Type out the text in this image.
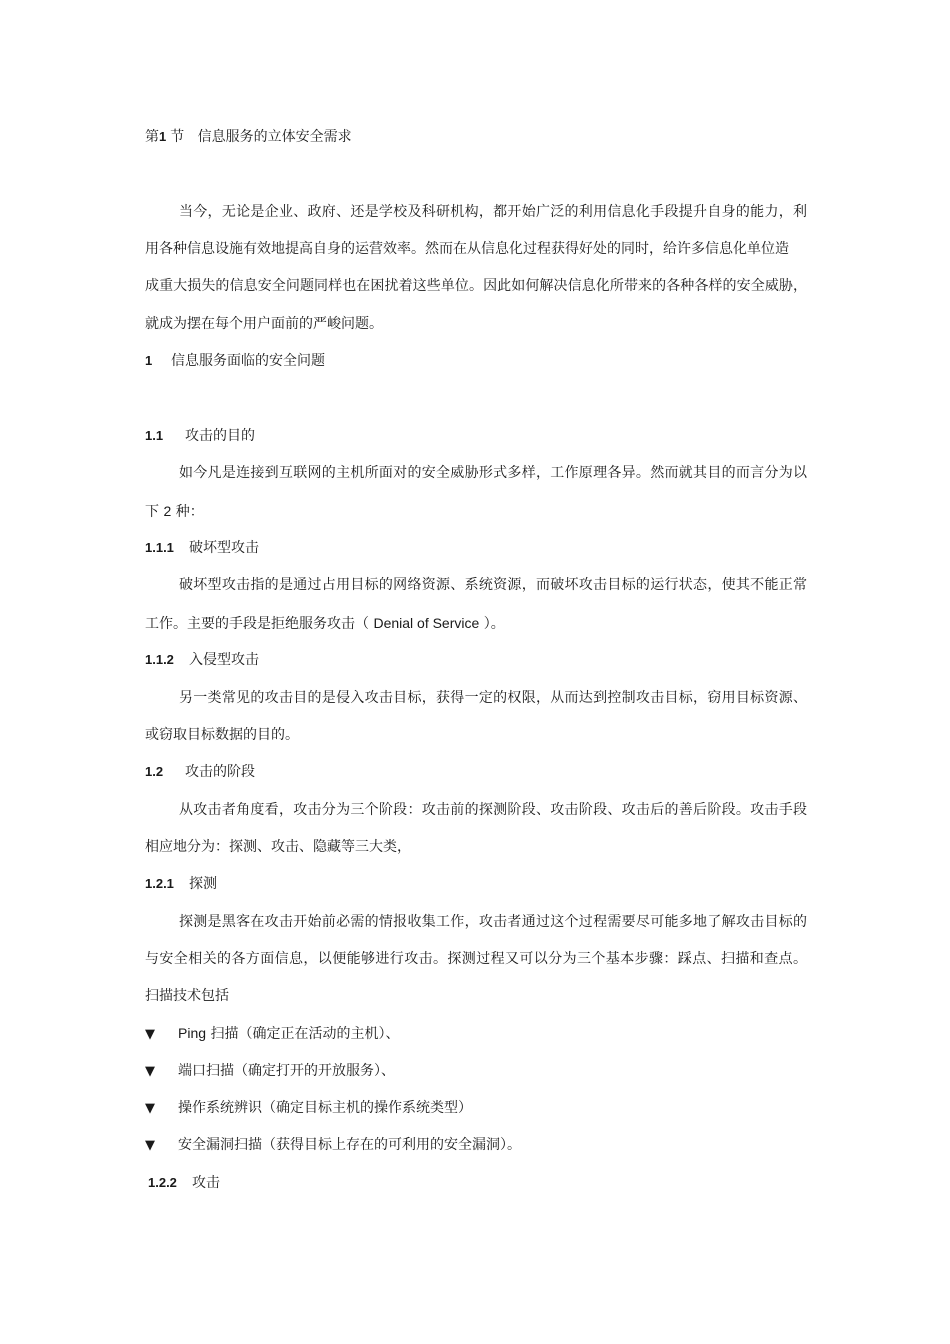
第1 节 信息服务的立体安全需求
当今，无论是企业、政府、还是学校及科研机构，都开始广泛的利用信息化手段提升自身的能力，利
用各种信息设施有效地提高自身的运营效率。然而在从信息化过程获得好处的同时，给许多信息化单位造
成重大损失的信息安全问题同样也在困扰着这些单位。因此如何解决信息化所带来的各种各样的安全威胁，
就成为摆在每个用户面前的严峻问题。
1 信息服务面临的安全问题
1.1 攻击的目的
如今凡是连接到互联网的主机所面对的安全威胁形式多样，工作原理各异。然而就其目的而言分为以
下 2 种：
1.1.1 破坏型攻击
破坏型攻击指的是通过占用目标的网络资源、系统资源，而破坏攻击目标的运行状态，使其不能正常
工作。主要的手段是拒绝服务攻击（ Denial of Service ）。
1.1.2 入侵型攻击
另一类常见的攻击目的是侵入攻击目标，获得一定的权限，从而达到控制攻击目标，窃用目标资源、
或窃取目标数据的目的。
1.2 攻击的阶段
从攻击者角度看，攻击分为三个阶段：攻击前的探测阶段、攻击阶段、攻击后的善后阶段。攻击手段
相应地分为：探测、攻击、隐藏等三大类，
1.2.1 探测
探测是黑客在攻击开始前必需的情报收集工作，攻击者通过这个过程需要尽可能多地了解攻击目标的
与安全相关的各方面信息，以便能够进行攻击。探测过程又可以分为三个基本步骤：踩点、扫描和查点。
扫描技术包括
▼ Ping 扫描（确定正在活动的主机）、
▼ 端口扫描（确定打开的开放服务）、
▼ 操作系统辨识（确定目标主机的操作系统类型）
▼ 安全漏洞扫描（获得目标上存在的可利用的安全漏洞）。
1.2.2 攻击
